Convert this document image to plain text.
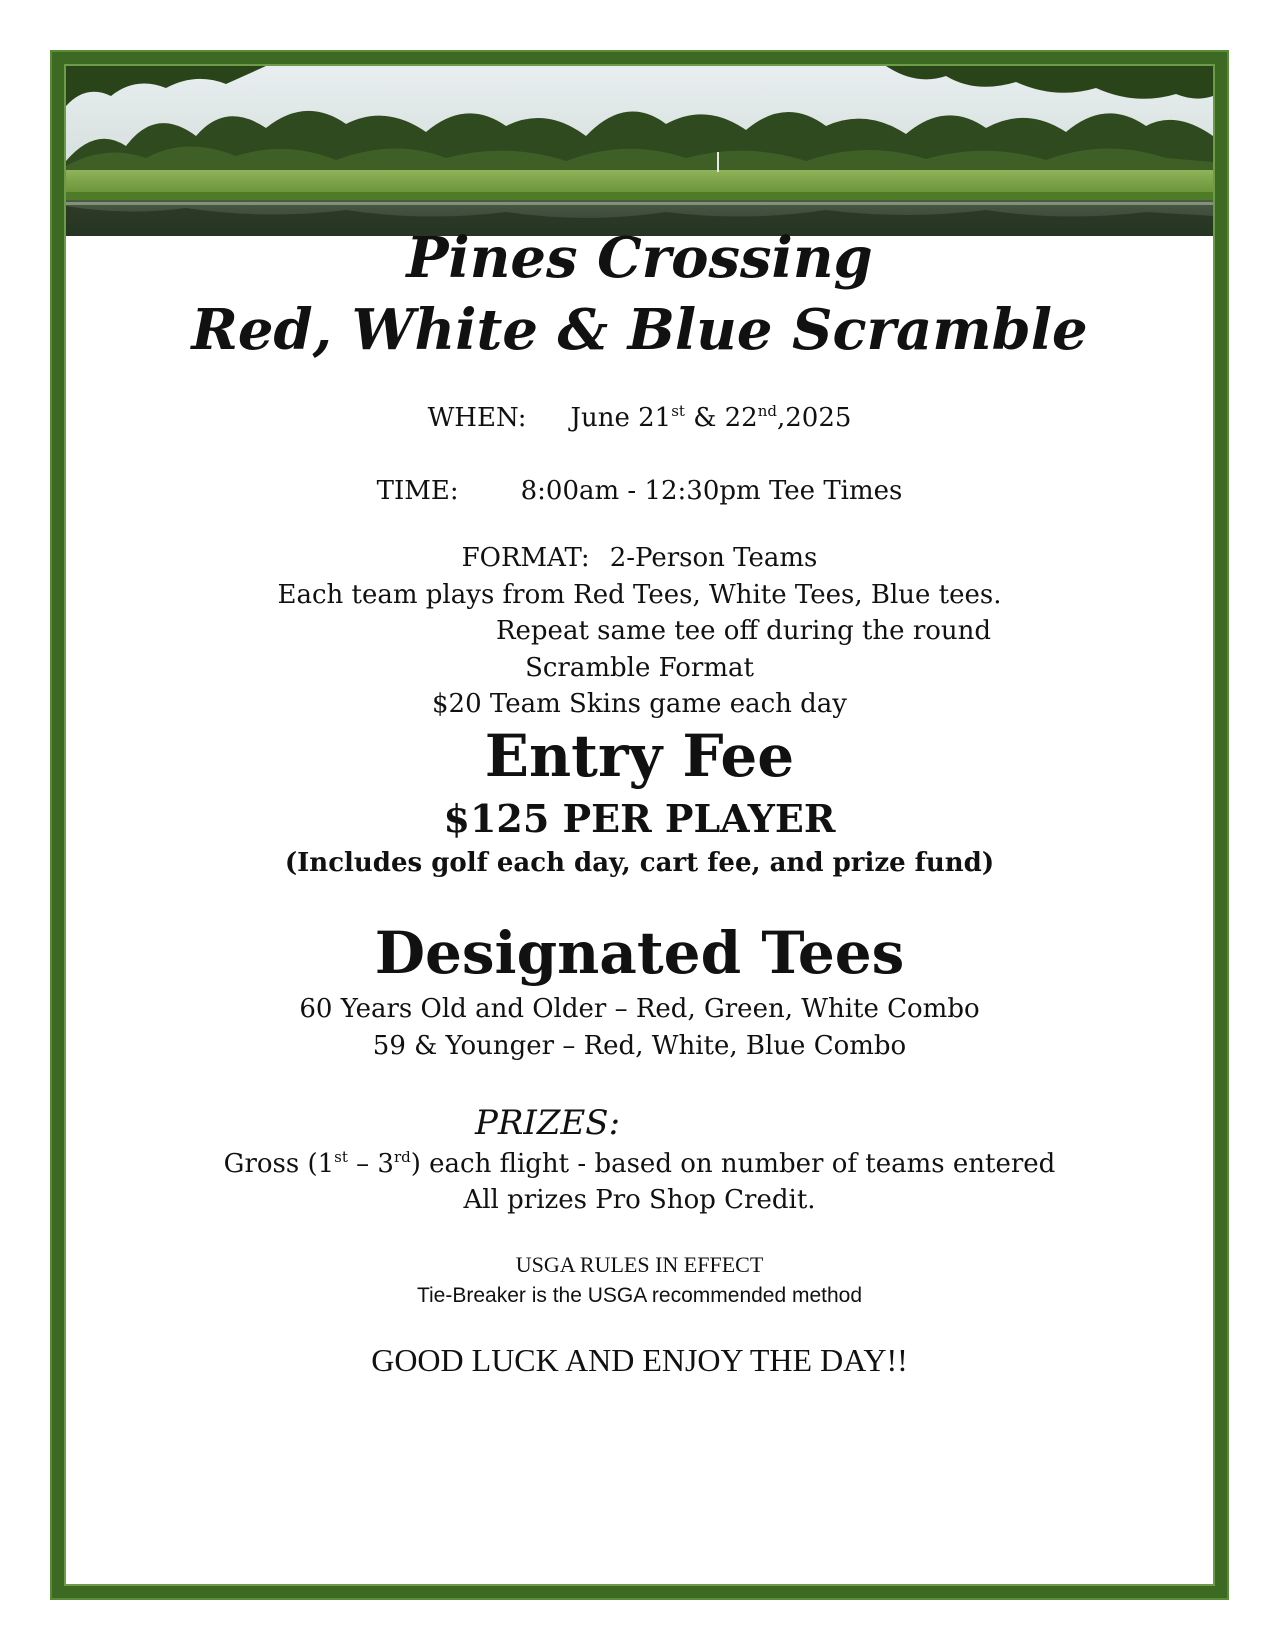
Pines Crossing
Red, White & Blue Scramble
WHEN: June 21st & 22nd,2025
TIME: 8:00am - 12:30pm Tee Times
FORMAT: 2-Person Teams
Each team plays from Red Tees, White Tees, Blue tees.
Repeat same tee off during the round
Scramble Format
$20 Team Skins game each day
Entry Fee
$125 PER PLAYER
(Includes golf each day, cart fee, and prize fund)
Designated Tees
60 Years Old and Older – Red, Green, White Combo
59 & Younger – Red, White, Blue Combo
PRIZES:
Gross (1st – 3rd) each flight - based on number of teams entered
All prizes Pro Shop Credit.
USGA RULES IN EFFECT
Tie-Breaker is the USGA recommended method
GOOD LUCK AND ENJOY THE DAY!!
